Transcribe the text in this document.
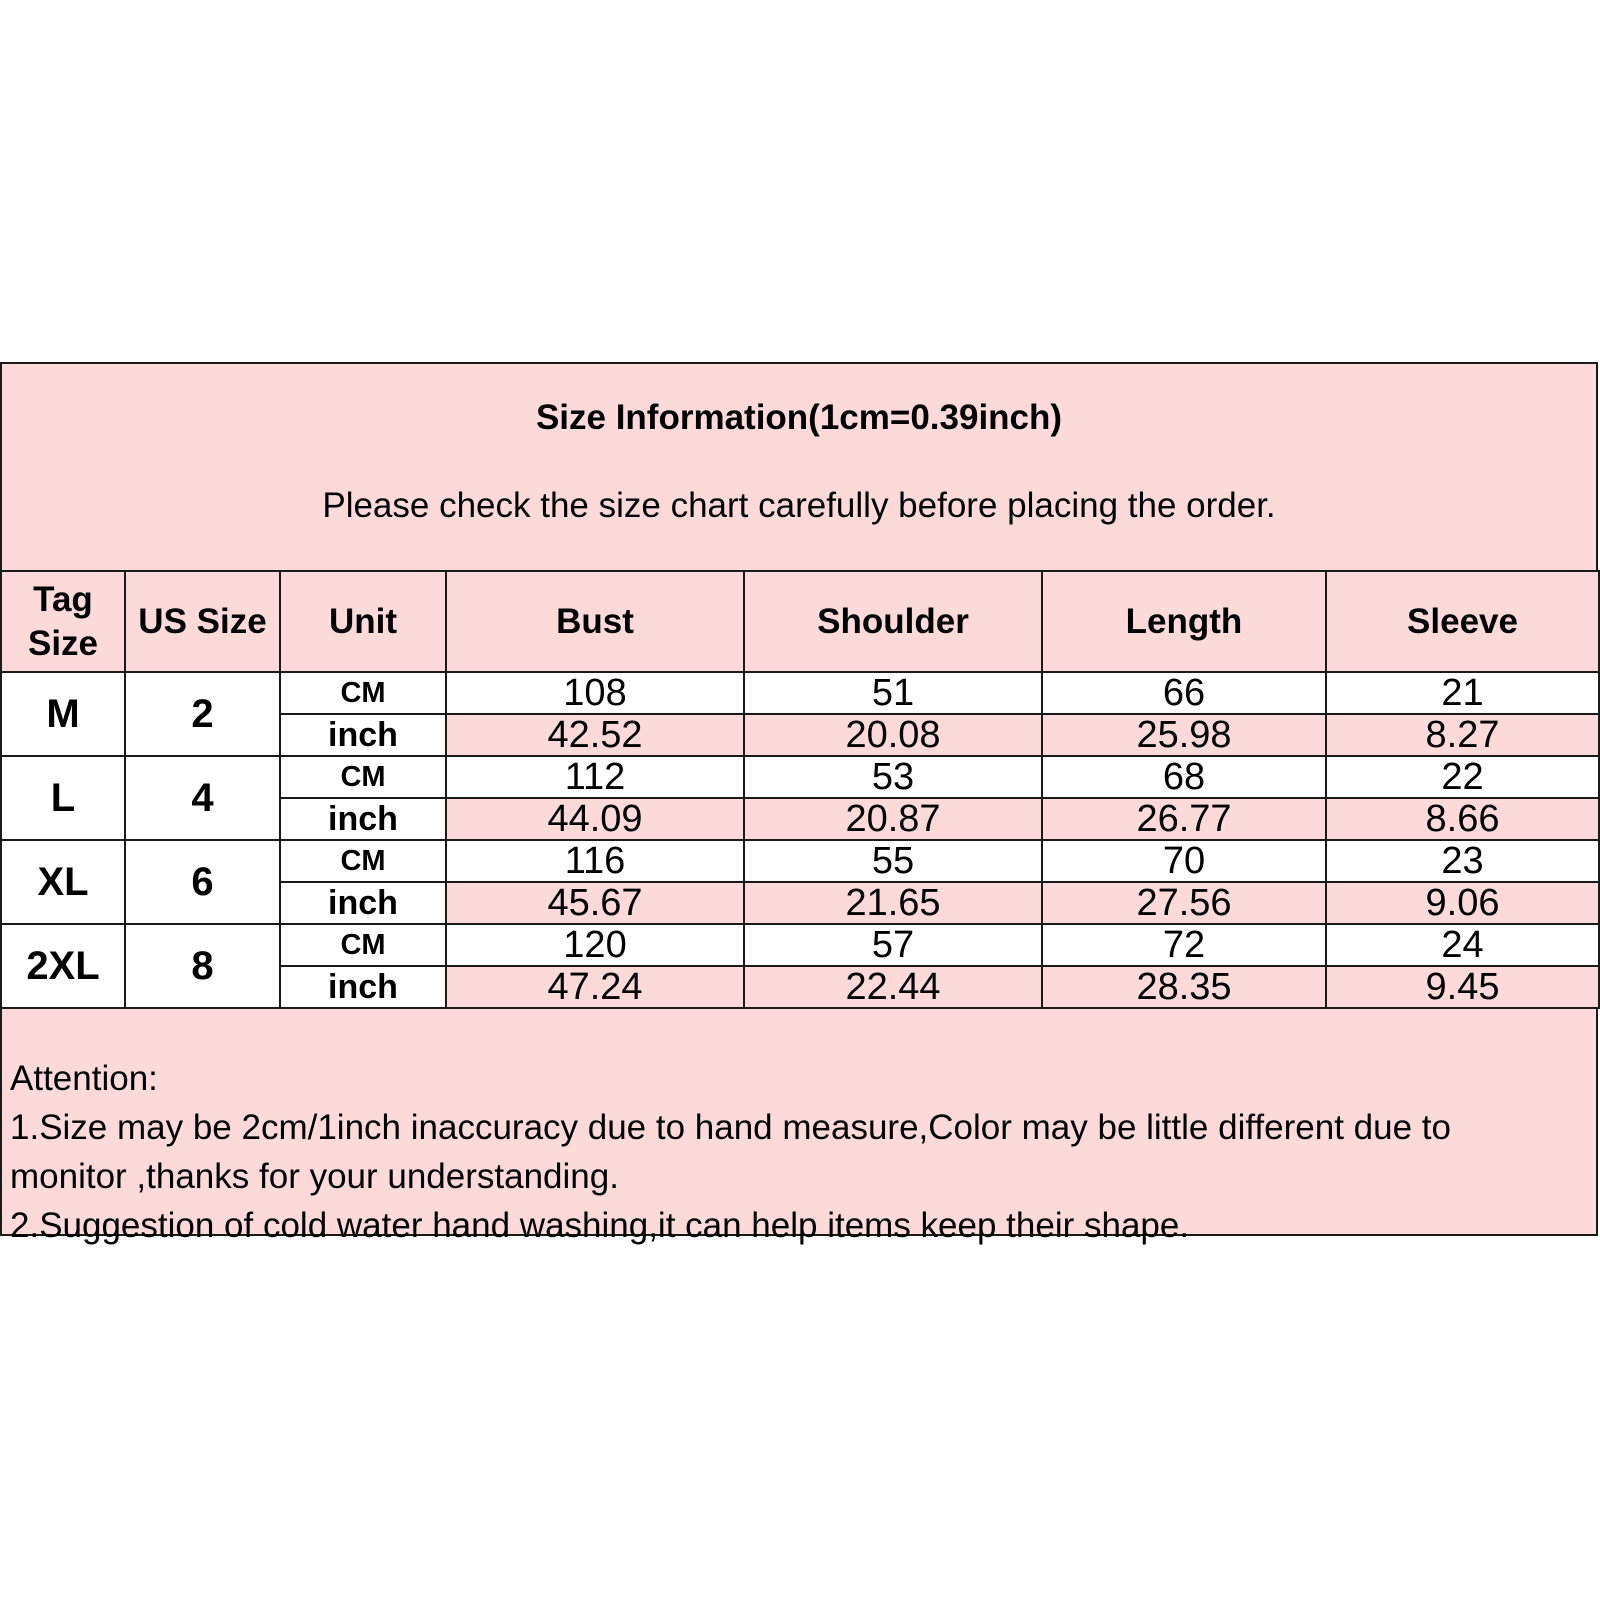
Size Information(1cm=0.39inch)
Please check the size chart carefully before placing the order.
Tag Size	US Size	Unit	Bust	Shoulder	Length	Sleeve
M	2	CM	108	51	66	21
		inch	42.52	20.08	25.98	8.27
L	4	CM	112	53	68	22
		inch	44.09	20.87	26.77	8.66
XL	6	CM	116	55	70	23
		inch	45.67	21.65	27.56	9.06
2XL	8	CM	120	57	72	24
		inch	47.24	22.44	28.35	9.45
Attention:
1.Size may be 2cm/1inch inaccuracy due to hand measure,Color may be little different due to
monitor ,thanks for your understanding.
2.Suggestion of cold water hand washing,it can help items keep their shape.
